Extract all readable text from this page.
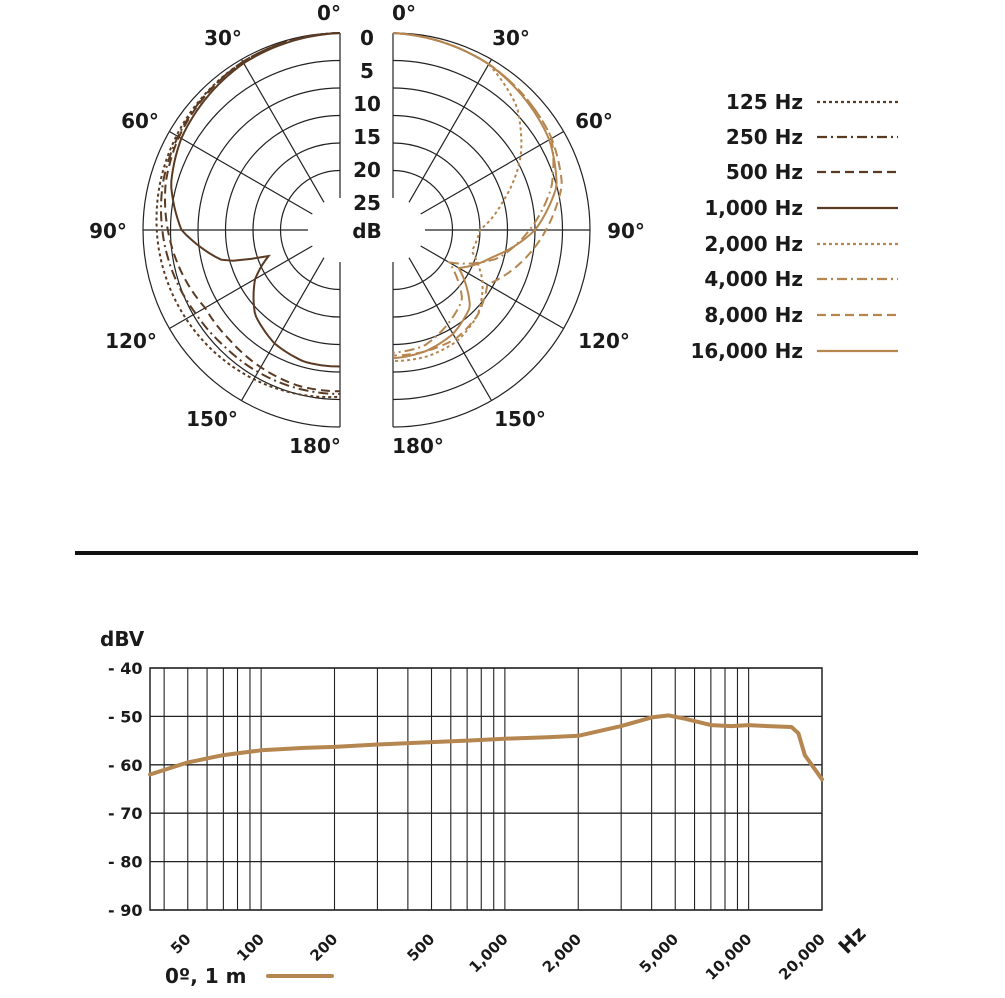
0
5
10
15
20
25
dB
0°
30°
60°
90°
120°
150°
180°
0°
30°
60°
90°
120°
150°
180°
125 Hz
250 Hz
500 Hz
1,000 Hz
2,000 Hz
4,000 Hz
8,000 Hz
16,000 Hz
dBV
- 40
- 50
- 60
- 70
- 80
- 90
50	100	200	500 1,000 2,000	5,000 10,000 20,000 Hz
0º, 1 m
